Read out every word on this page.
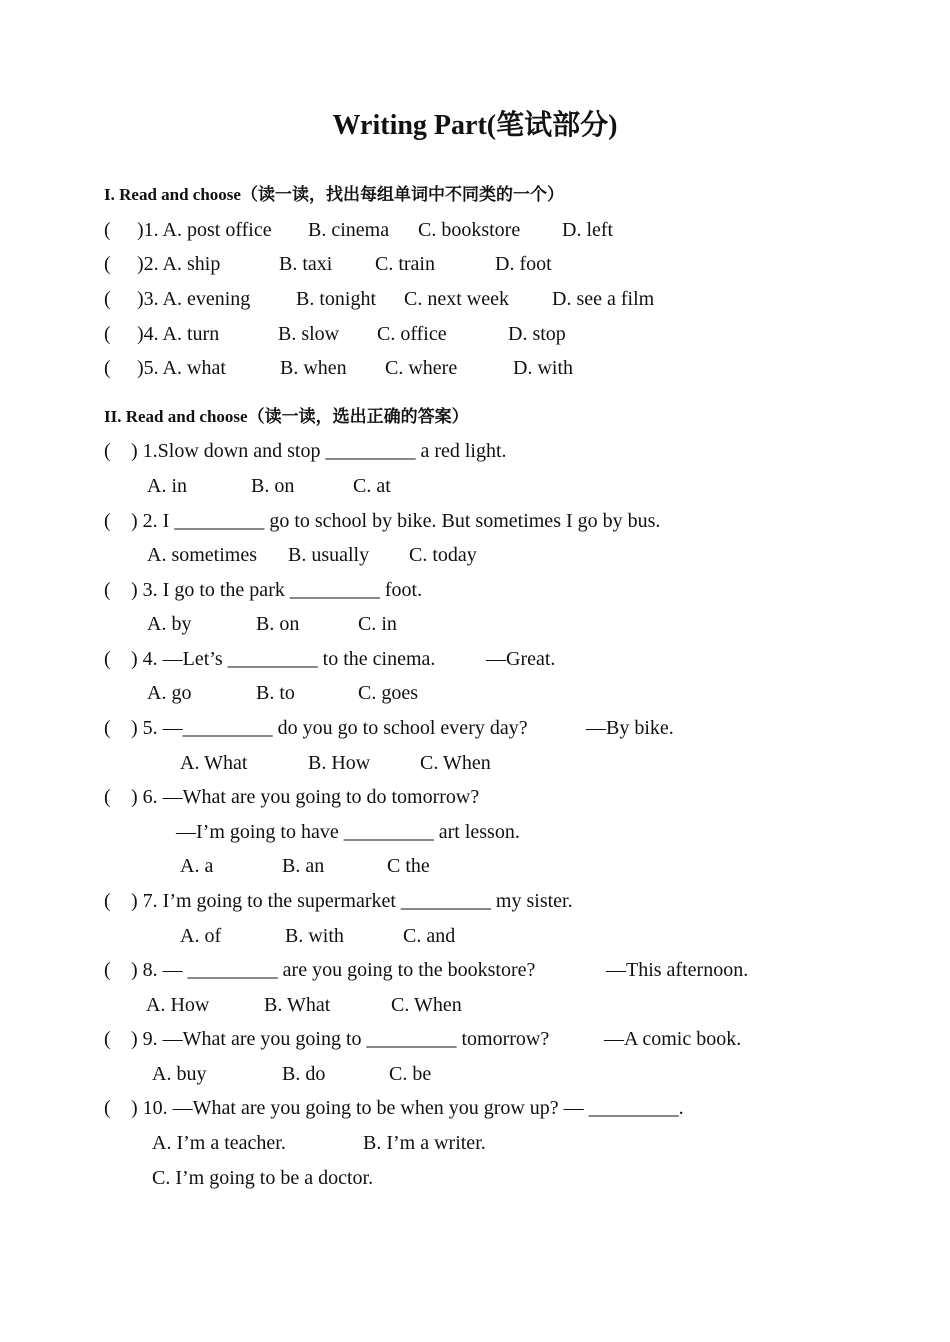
Writing Part(笔试部分)
I. Read and choose（读一读，找出每组单词中不同类的一个）
( )1. A. post office B. cinema C. bookstore D. left
( )2. A. ship	B. taxi C. train	D. foot
( )3. A. evening B. tonight C. next week D. see a film
( )4. A. turn	B. slow C. office	D. stop
( )5. A. what	B. when C. where	D. with
II. Read and choose（读一读，选出正确的答案）
( ) 1.Slow down and stop _________ a red light.
A. in	B. on	C. at
( ) 2. I _________ go to school by bike. But sometimes I go by bus.
A. sometimes B. usually C. today
( ) 3. I go to the park _________ foot.
A. by	B. on	C. in
( ) 4. —Let’s _________ to the cinema.	—Great.
A. go	B. to	C. goes
( ) 5. —_________ do you go to school every day?	—By bike.
A. What	B. How C. When
( ) 6. —What are you going to do tomorrow?
—I’m going to have _________ art lesson.
A. a	B. an	C the
( ) 7. I’m going to the supermarket _________ my sister.
A. of	B. with	C. and
( ) 8. — _________ are you going to the bookstore?	—This afternoon.
A. How	B. What	C. When
( ) 9. —What are you going to _________ tomorrow?	—A comic book.
A. buy	B. do	C. be
( ) 10. —What are you going to be when you grow up? — _________.
A. I’m a teacher.	B. I’m a writer.
C. I’m going to be a doctor.
